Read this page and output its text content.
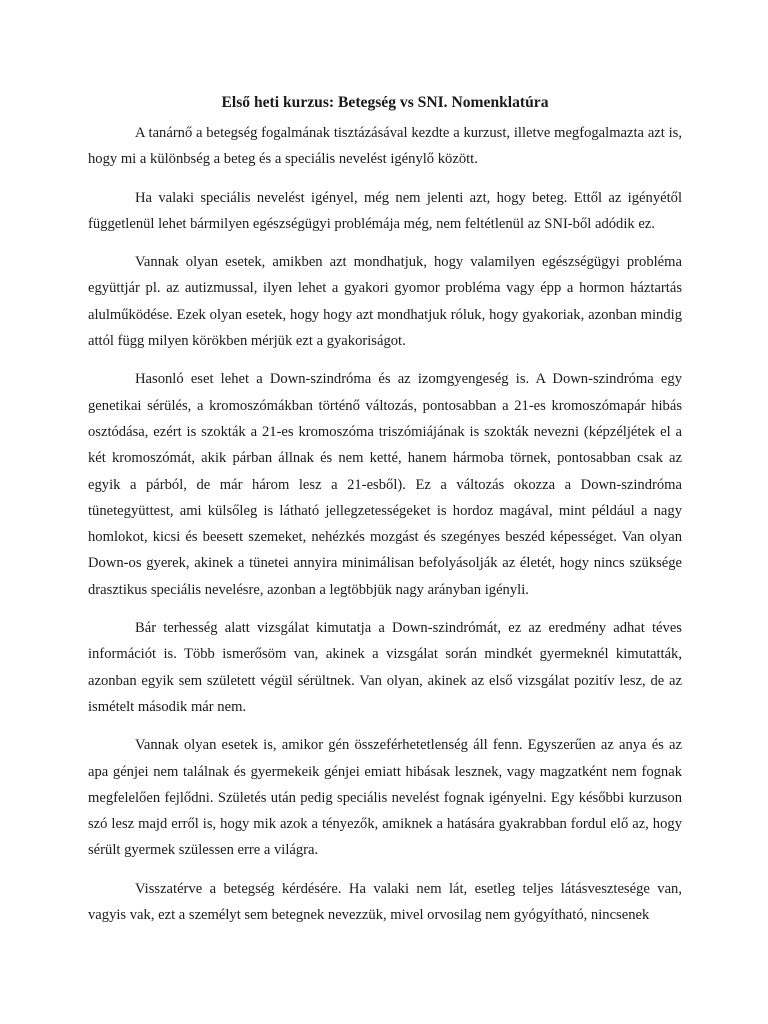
Első heti kurzus: Betegség vs SNI. Nomenklatúra

A tanárnő a betegség fogalmának tisztázásával kezdte a kurzust, illetve megfogalmazta azt is, hogy mi a különbség a beteg és a speciális nevelést igénylő között.

Ha valaki speciális nevelést igényel, még nem jelenti azt, hogy beteg. Ettől az igényétől függetlenül lehet bármilyen egészségügyi problémája még, nem feltétlenül az SNI-ből adódik ez.

Vannak olyan esetek, amikben azt mondhatjuk, hogy valamilyen egészségügyi probléma együttjár pl. az autizmussal, ilyen lehet a gyakori gyomor probléma vagy épp a hormon háztartás alulműködése. Ezek olyan esetek, hogy hogy azt mondhatjuk róluk, hogy gyakoriak, azonban mindig attól függ milyen körökben mérjük ezt a gyakoriságot.

Hasonló eset lehet a Down-szindróma és az izomgyengeség is. A Down-szindróma egy genetikai sérülés, a kromoszómákban történő változás, pontosabban a 21-es kromoszómapár hibás osztódása, ezért is szokták a 21-es kromoszóma triszómiájának is szokták nevezni (képzéljétek el a két kromoszómát, akik párban állnak és nem ketté, hanem hármoba törnek, pontosabban csak az egyik a párból, de már három lesz a 21-esből). Ez a változás okozza a Down-szindróma tünetegyüttest, ami külsőleg is látható jellegzetességeket is hordoz magával, mint például a nagy homlokot, kicsi és beesett szemeket, nehézkés mozgást és szegényes beszéd képességet. Van olyan Down-os gyerek, akinek a tünetei annyira minimálisan befolyásolják az életét, hogy nincs szüksége drasztikus speciális nevelésre, azonban a legtöbbjük nagy arányban igényli.

Bár terhesség alatt vizsgálat kimutatja a Down-szindrómát, ez az eredmény adhat téves információt is. Több ismerősöm van, akinek a vizsgálat során mindkét gyermeknél kimutatták, azonban egyik sem született végül sérültnek. Van olyan, akinek az első vizsgálat pozitív lesz, de az ismételt második már nem.

Vannak olyan esetek is, amikor gén összeférhetetlenség áll fenn. Egyszerűen az anya és az apa génjei nem találnak és gyermekeik génjei emiatt hibásak lesznek, vagy magzatként nem fognak megfelelően fejlődni. Születés után pedig speciális nevelést fognak igényelni. Egy későbbi kurzuson szó lesz majd erről is, hogy mik azok a tényezők, amiknek a hatására gyakrabban fordul elő az, hogy sérült gyermek szülessen erre a világra.

Visszatérve a betegség kérdésére. Ha valaki nem lát, esetleg teljes látásvesztesége van, vagyis vak, ezt a személyt sem betegnek nevezzük, mivel orvosilag nem gyógyítható, nincsenek
